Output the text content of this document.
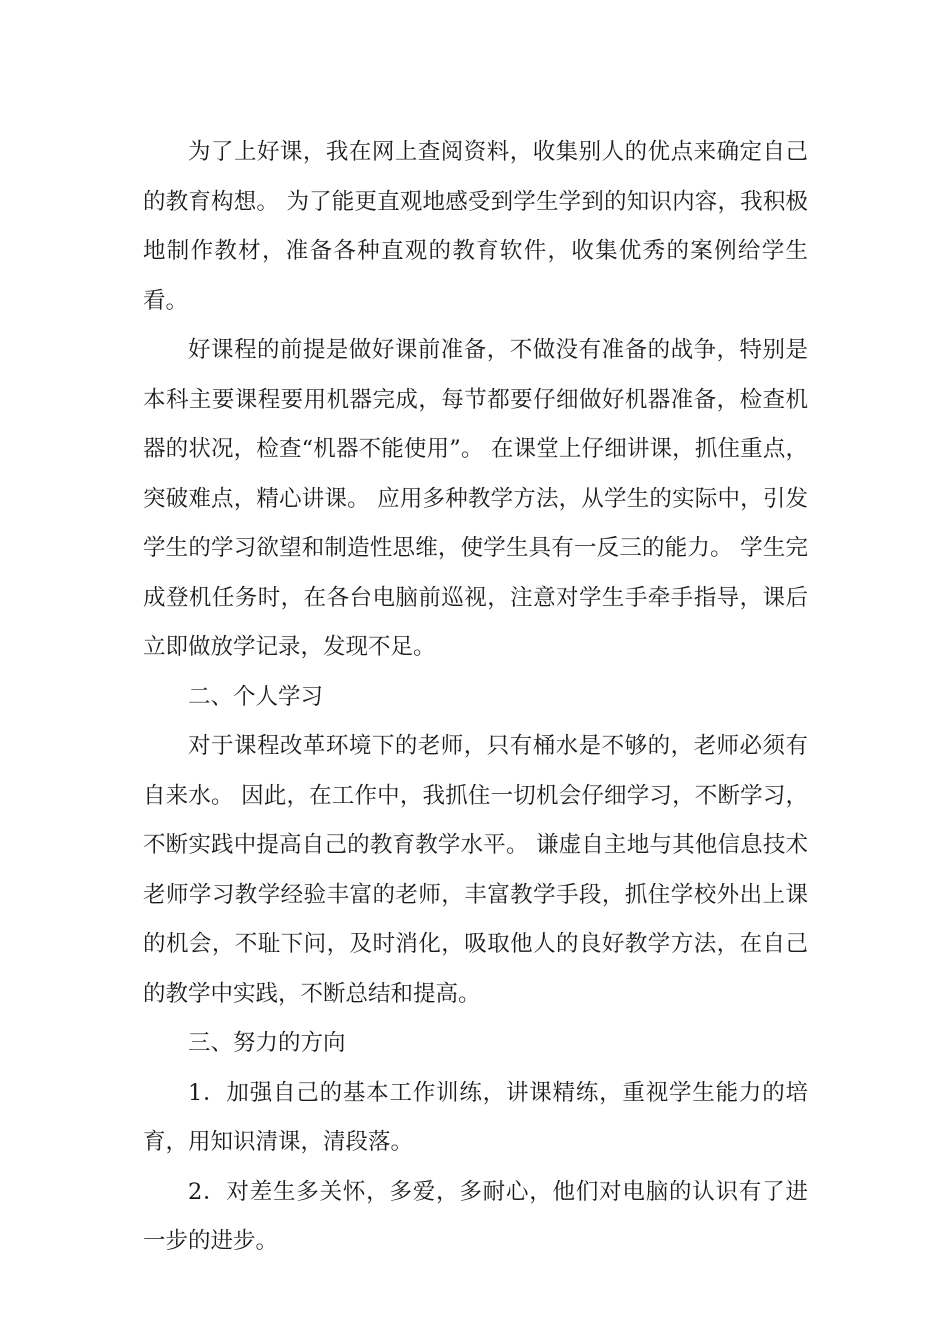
为了上好课，我在网上查阅资料，收集别人的优点来确定自己的教育构想。 为了能更直观地感受到学生学到的知识内容，我积极地制作教材，准备各种直观的教育软件，收集优秀的案例给学生看。

好课程的前提是做好课前准备，不做没有准备的战争，特别是本科主要课程要用机器完成，每节都要仔细做好机器准备，检查机器的状况，检查“机器不能使用”。 在课堂上仔细讲课，抓住重点，突破难点，精心讲课。 应用多种教学方法，从学生的实际中，引发学生的学习欲望和制造性思维，使学生具有一反三的能力。 学生完成登机任务时，在各台电脑前巡视，注意对学生手牵手指导，课后立即做放学记录，发现不足。

二、个人学习

对于课程改革环境下的老师，只有桶水是不够的，老师必须有自来水。 因此，在工作中，我抓住一切机会仔细学习，不断学习，不断实践中提高自己的教育教学水平。 谦虚自主地与其他信息技术老师学习教学经验丰富的老师，丰富教学手段，抓住学校外出上课的机会，不耻下问，及时消化，吸取他人的良好教学方法，在自己的教学中实践，不断总结和提高。

三、努力的方向

1．加强自己的基本工作训练，讲课精练，重视学生能力的培育，用知识清课，清段落。

2．对差生多关怀，多爱，多耐心，他们对电脑的认识有了进一步的进步。
